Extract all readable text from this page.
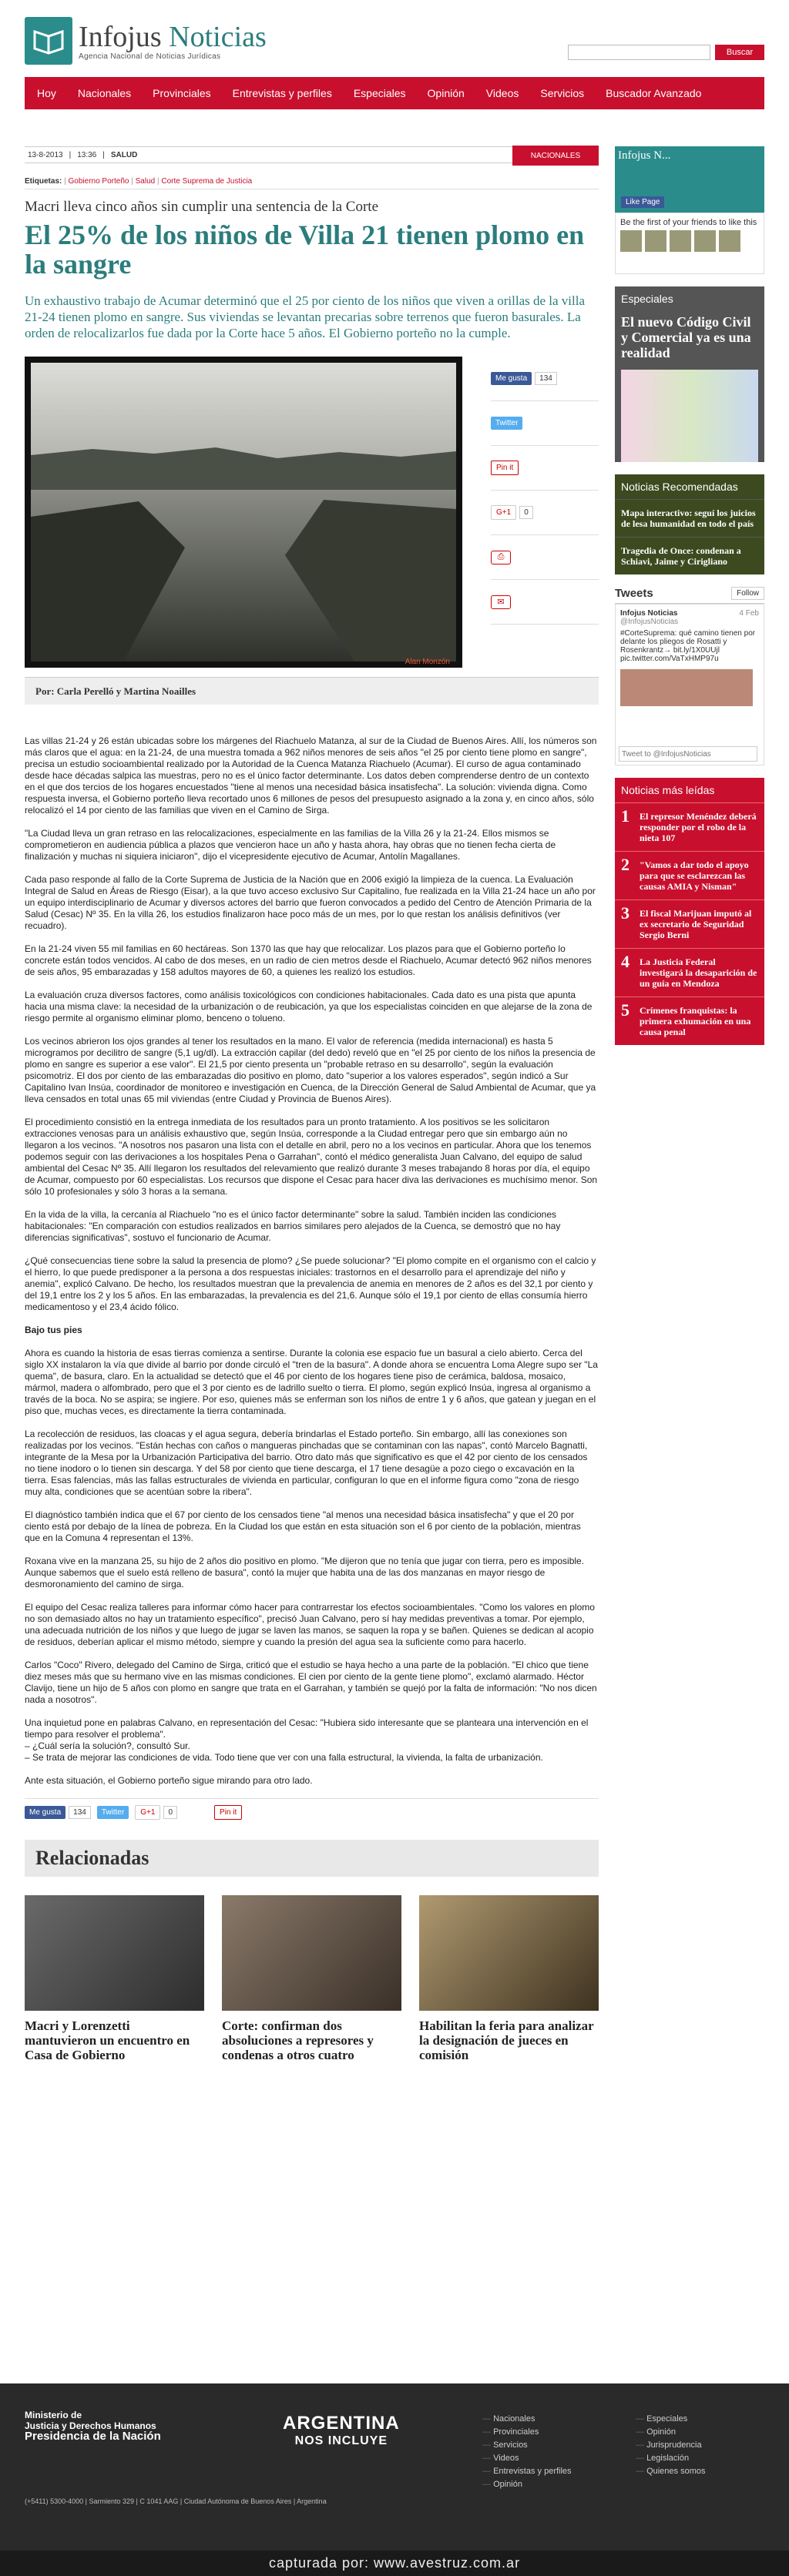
Infojus Noticias
Agencia Nacional de Noticias Jurídicas	Buscar
Hoy	Nacionales	Provinciales	Entrevistas y perfiles	Especiales	Opinión	Videos	Servicios	Buscador Avanzado
13-8-2013 | 13:36 | SALUD	NACIONALES
Etiquetas: | Gobierno Porteño | Salud | Corte Suprema de Justicia
Macri lleva cinco años sin cumplir una sentencia de la Corte
El 25% de los niños de Villa 21 tienen plomo en la sangre
Un exhaustivo trabajo de Acumar determinó que el 25 por ciento de los niños que viven a orillas de la villa 21-24 tienen plomo en sangre. Sus viviendas se levantan precarias sobre terrenos que fueron basurales. La orden de relocalizarlos fue dada por la Corte hace 5 años. El Gobierno porteño no la cumple.
Alan Monzón
Me gusta	134
Twitter
Pin it
G+1	0
⎙
✉
Por: Carla Perelló y Martina Noailles

Las villas 21-24 y 26 están ubicadas sobre los márgenes del Riachuelo Matanza, al sur de la Ciudad de Buenos Aires. Allí, los números son más claros que el agua: en la 21-24, de una muestra tomada a 962 niños menores de seis años "el 25 por ciento tiene plomo en sangre", precisa un estudio socioambiental realizado por la Autoridad de la Cuenca Matanza Riachuelo (Acumar). El curso de agua contaminado desde hace décadas salpica las muestras, pero no es el único factor determinante. Los datos deben comprenderse dentro de un contexto en el que dos tercios de los hogares encuestados "tiene al menos una necesidad básica insatisfecha". La solución: vivienda digna. Como respuesta inversa, el Gobierno porteño lleva recortado unos 6 millones de pesos del presupuesto asignado a la zona y, en cinco años, sólo relocalizó el 14 por ciento de las familias que viven en el Camino de Sirga.

"La Ciudad lleva un gran retraso en las relocalizaciones, especialmente en las familias de la Villa 26 y la 21-24. Ellos mismos se comprometieron en audiencia pública a plazos que vencieron hace un año y hasta ahora, hay obras que no tienen fecha cierta de finalización y muchas ni siquiera iniciaron", dijo el vicepresidente ejecutivo de Acumar, Antolín Magallanes.

Cada paso responde al fallo de la Corte Suprema de Justicia de la Nación que en 2006 exigió la limpieza de la cuenca. La Evaluación Integral de Salud en Áreas de Riesgo (Eisar), a la que tuvo acceso exclusivo Sur Capitalino, fue realizada en la Villa 21-24 hace un año por un equipo interdisciplinario de Acumar y diversos actores del barrio que fueron convocados a pedido del Centro de Atención Primaria de la Salud (Cesac) Nº 35. En la villa 26, los estudios finalizaron hace poco más de un mes, por lo que restan los análisis definitivos (ver recuadro).

En la 21-24 viven 55 mil familias en 60 hectáreas. Son 1370 las que hay que relocalizar. Los plazos para que el Gobierno porteño lo concrete están todos vencidos. Al cabo de dos meses, en un radio de cien metros desde el Riachuelo, Acumar detectó 962 niños menores de seis años, 95 embarazadas y 158 adultos mayores de 60, a quienes les realizó los estudios.

La evaluación cruza diversos factores, como análisis toxicológicos con condiciones habitacionales. Cada dato es una pista que apunta hacia una misma clave: la necesidad de la urbanización o de reubicación, ya que los especialistas coinciden en que alejarse de la zona de riesgo permite al organismo eliminar plomo, benceno o tolueno.

Los vecinos abrieron los ojos grandes al tener los resultados en la mano. El valor de referencia (medida internacional) es hasta 5 microgramos por decilitro de sangre (5,1 ug/dl). La extracción capilar (del dedo) reveló que en "el 25 por ciento de los niños la presencia de plomo en sangre es superior a ese valor". El 21,5 por ciento presenta un "probable retraso en su desarrollo", según la evaluación psicomotriz. El dos por ciento de las embarazadas dio positivo en plomo, dato "superior a los valores esperados", según indicó a Sur Capitalino Ivan Insúa, coordinador de monitoreo e investigación en Cuenca, de la Dirección General de Salud Ambiental de Acumar, que ya lleva censados en total unas 65 mil viviendas (entre Ciudad y Provincia de Buenos Aires).

El procedimiento consistió en la entrega inmediata de los resultados para un pronto tratamiento. A los positivos se les solicitaron extracciones venosas para un análisis exhaustivo que, según Insúa, corresponde a la Ciudad entregar pero que sin embargo aún no llegaron a los vecinos. "A nosotros nos pasaron una lista con el detalle en abril, pero no a los vecinos en particular. Ahora que los tenemos podemos seguir con las derivaciones a los hospitales Pena o Garrahan", contó el médico generalista Juan Calvano, del equipo de salud ambiental del Cesac Nº 35. Allí llegaron los resultados del relevamiento que realizó durante 3 meses trabajando 8 horas por día, el equipo de Acumar, compuesto por 60 especialistas. Los recursos que dispone el Cesac para hacer diva las derivaciones es muchísimo menor. Son sólo 10 profesionales y sólo 3 horas a la semana.

En la vida de la villa, la cercanía al Riachuelo "no es el único factor determinante" sobre la salud. También inciden las condiciones habitacionales: "En comparación con estudios realizados en barrios similares pero alejados de la Cuenca, se demostró que no hay diferencias significativas", sostuvo el funcionario de Acumar.

¿Qué consecuencias tiene sobre la salud la presencia de plomo? ¿Se puede solucionar? "El plomo compite en el organismo con el calcio y el hierro, lo que puede predisponer a la persona a dos respuestas iniciales: trastornos en el desarrollo para el aprendizaje del niño y anemia", explicó Calvano. De hecho, los resultados muestran que la prevalencia de anemia en menores de 2 años es del 32,1 por ciento y del 19,1 entre los 2 y los 5 años. En las embarazadas, la prevalencia es del 21,6. Aunque sólo el 19,1 por ciento de ellas consumía hierro medicamentoso y el 23,4 ácido fólico.

Bajo tus pies

Ahora es cuando la historia de esas tierras comienza a sentirse. Durante la colonia ese espacio fue un basural a cielo abierto. Cerca del siglo XX instalaron la vía que divide al barrio por donde circuló el "tren de la basura". A donde ahora se encuentra Loma Alegre supo ser "La quema", de basura, claro. En la actualidad se detectó que el 46 por ciento de los hogares tiene piso de cerámica, baldosa, mosaico, mármol, madera o alfombrado, pero que el 3 por ciento es de ladrillo suelto o tierra. El plomo, según explicó Insúa, ingresa al organismo a través de la boca. No se aspira; se ingiere. Por eso, quienes más se enferman son los niños de entre 1 y 6 años, que gatean y juegan en el piso que, muchas veces, es directamente la tierra contaminada.

La recolección de residuos, las cloacas y el agua segura, debería brindarlas el Estado porteño. Sin embargo, allí las conexiones son realizadas por los vecinos. "Están hechas con caños o mangueras pinchadas que se contaminan con las napas", contó Marcelo Bagnatti, integrante de la Mesa por la Urbanización Participativa del barrio. Otro dato más que significativo es que el 42 por ciento de los censados no tiene inodoro o lo tienen sin descarga. Y del 58 por ciento que tiene descarga, el 17 tiene desagüe a pozo ciego o excavación en la tierra. Esas falencias, más las fallas estructurales de vivienda en particular, configuran lo que en el informe figura como "zona de riesgo muy alta, condiciones que se acentúan sobre la ribera".

El diagnóstico también indica que el 67 por ciento de los censados tiene "al menos una necesidad básica insatisfecha" y que el 20 por ciento está por debajo de la línea de pobreza. En la Ciudad los que están en esta situación son el 6 por ciento de la población, mientras que en la Comuna 4 representan el 13%.

Roxana vive en la manzana 25, su hijo de 2 años dio positivo en plomo. "Me dijeron que no tenía que jugar con tierra, pero es imposible. Aunque sabemos que el suelo está relleno de basura", contó la mujer que habita una de las dos manzanas en mayor riesgo de desmoronamiento del camino de sirga.

El equipo del Cesac realiza talleres para informar cómo hacer para contrarrestar los efectos socioambientales. "Como los valores en plomo no son demasiado altos no hay un tratamiento específico", precisó Juan Calvano, pero sí hay medidas preventivas a tomar. Por ejemplo, una adecuada nutrición de los niños y que luego de jugar se laven las manos, se saquen la ropa y se bañen. Quienes se dedican al acopio de residuos, deberían aplicar el mismo método, siempre y cuando la presión del agua sea la suficiente como para hacerlo.

Carlos "Coco" Rivero, delegado del Camino de Sirga, criticó que el estudio se haya hecho a una parte de la población. "El chico que tiene diez meses más que su hermano vive en las mismas condiciones. El cien por ciento de la gente tiene plomo", exclamó alarmado. Héctor Clavijo, tiene un hijo de 5 años con plomo en sangre que trata en el Garrahan, y también se quejó por la falta de información: "No nos dicen nada a nosotros".

Una inquietud pone en palabras Calvano, en representación del Cesac: "Hubiera sido interesante que se planteara una intervención en el tiempo para resolver el problema".

– ¿Cuál sería la solución?, consultó Sur.

– Se trata de mejorar las condiciones de vida. Todo tiene que ver con una falla estructural, la vivienda, la falta de urbanización.

Ante esta situación, el Gobierno porteño sigue mirando para otro lado.

Me gusta	134	Twitter	G+1	0	Pin it
Relacionadas
Macri y Lorenzetti mantuvieron un encuentro en Casa de Gobierno
Corte: confirman dos absoluciones a represores y condenas a otros cuatro
Habilitan la feria para analizar la designación de jueces en comisión
Infojus N...
Like Page
Be the first of your friends to like this
Especiales
El nuevo Código Civil y Comercial ya es una realidad
Noticias Recomendadas
Mapa interactivo: seguí los juicios de lesa humanidad en todo el país
Tragedia de Once: condenan a Schiavi, Jaime y Cirigliano
Tweets	Follow
Infojus Noticias	4 Feb
@InfojusNoticias
#CorteSuprema: qué camino tienen por delante los pliegos de Rosatti y Rosenkrantz→ bit.ly/1X0UUjl pic.twitter.com/VaTxHMP97u
Tweet to @InfojusNoticias
Noticias más leídas
1	El represor Menéndez deberá responder por el robo de la nieta 107
2	"Vamos a dar todo el apoyo para que se esclarezcan las causas AMIA y Nisman"
3	El fiscal Marijuan imputó al ex secretario de Seguridad Sergio Berni
4	La Justicia Federal investigará la desaparición de un guía en Mendoza
5	Crímenes franquistas: la primera exhumación en una causa penal
Ministerio de
Justicia y Derechos Humanos
Presidencia de la Nación
ARGENTINA
NOS INCLUYE
— Nacionales
— Provinciales
— Servicios
— Videos
— Entrevistas y perfiles
— Opinión
— Especiales
— Opinión
— Jurisprudencia
— Legislación
— Quienes somos
(+5411) 5300-4000 | Sarmiento 329 | C 1041 AAG | Ciudad Autónoma de Buenos Aires | Argentina
capturada por: www.avestruz.com.ar
